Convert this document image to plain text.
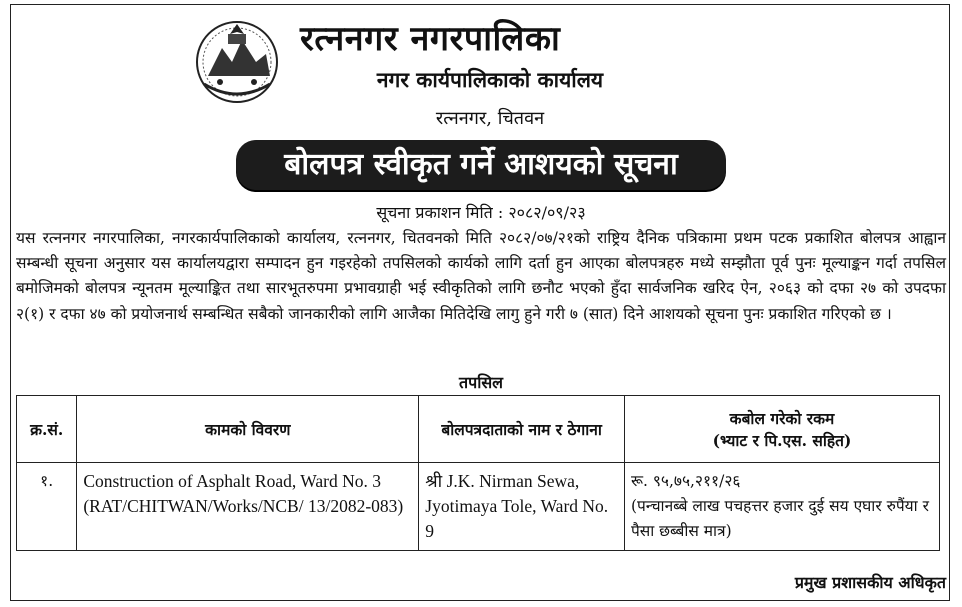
रत्ननगर नगरपालिका
नगर कार्यपालिकाको कार्यालय
रत्ननगर, चितवन
बोलपत्र स्वीकृत गर्ने आशयको सूचना
सूचना प्रकाशन मिति : २०८२/०९/२३
यस रत्ननगर नगरपालिका, नगरकार्यपालिकाको कार्यालय, रत्ननगर, चितवनको मिति २०८२/०७/२१को राष्ट्रिय दैनिक पत्रिकामा प्रथम पटक प्रकाशित बोलपत्र आह्वान सम्बन्धी सूचना अनुसार यस कार्यालयद्वारा सम्पादन हुन गइरहेको तपसिलको कार्यको लागि दर्ता हुन आएका बोलपत्रहरु मध्ये सम्झौता पूर्व पुनः मूल्याङ्कन गर्दा तपसिल बमोजिमको बोलपत्र न्यूनतम मूल्याङ्कित तथा सारभूतरुपमा प्रभावग्राही भई स्वीकृतिको लागि छनौट भएको हुँदा सार्वजनिक खरिद ऐन, २०६३ को दफा २७ को उपदफा २(१) र दफा ४७ को प्रयोजनार्थ सम्बन्धित सबैको जानकारीको लागि आजैका मितिदेखि लागु हुने गरी ७ (सात) दिने आशयको सूचना पुनः प्रकाशित गरिएको छ ।
तपसिल
क्र.सं.	कामको विवरण	बोलपत्रदाताको नाम र ठेगाना	कबोल गरेको रकम
(भ्याट र पि.एस. सहित)

१.	Construction of Asphalt Road, Ward No. 3 (RAT/CHITWAN/Works/NCB/ 13/2082-083)	श्री J.K. Nirman Sewa, Jyotimaya Tole, Ward No. 9	रू. ९५,७५,२११/२६
(पन्चानब्बे लाख पचहत्तर हजार दुई सय एघार रुपैंया र पैसा छब्बीस मात्र)
प्रमुख प्रशासकीय अधिकृत
